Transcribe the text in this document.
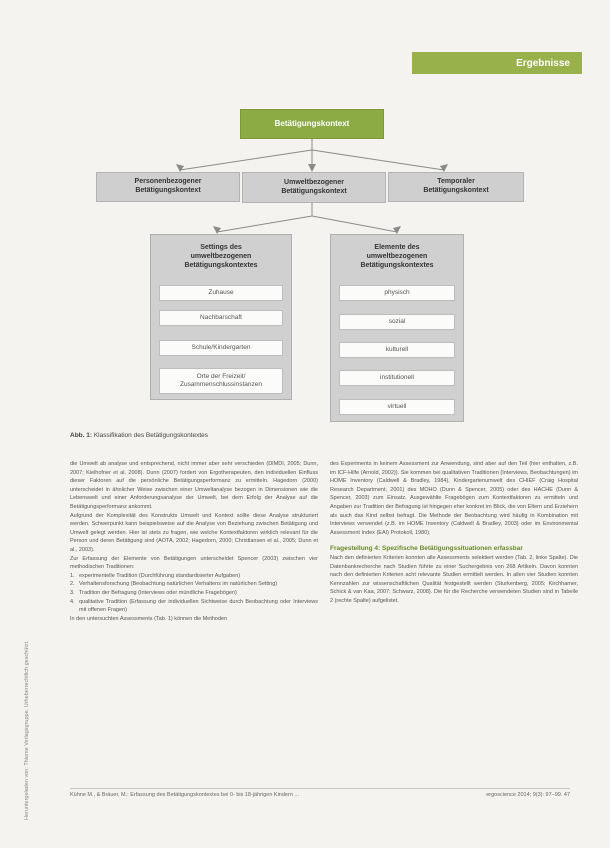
Ergebnisse
Heruntergeladen von: Thieme Verlagsgruppe. Urheberrechtlich geschützt.
Betätigungskontext
Personenbezogener
Betätigungskontext
Umweltbezogener
Betätigungskontext
Temporaler
Betätigungskontext
Settings des
umweltbezogenen
Betätigungskontextes
Zuhause
Nachbarschaft
Schule/Kindergarten
Orte der Freizeit/
Zusammenschlussinstanzen
Elemente des
umweltbezogenen
Betätigungskontextes
physisch
sozial
kulturell
institutionell
virtuell
Abb. 1: Klassifikation des Betätigungskontextes

die Umwelt ab analyse und entsprechend, nicht immer aber sehr verschieden (DIMDI, 2005; Dunn, 2007; Kielhofner et al. 2008). Dunn (2007) fordert von Ergotherapeuten, den individuellen Einfluss dieser Faktoren auf die persönliche Betätigungsperformanz zu ermitteln. Hagedorn (2000) unterscheidet in ähnlicher Weise zwischen einer Umweltanalyse bezogen in Dimensionen wie die Lebenswelt und einer Anforderungsanalyse der Umwelt, bei dem Erfolg der Analyse auf die Betätigungsperformanz ankommt.

Aufgrund der Komplexität des Konstrukts Umwelt und Kontext sollte diese Analyse strukturiert werden. Schwerpunkt kann beispielsweise auf die Analyse von Beziehung zwischen Betätigung und Umwelt gelegt werden. Hier ist stets zu fragen, wie welche Kontextfaktoren wirklich relevant für die Person und deren Betätigung sind (AOTA, 2002; Hagedorn, 2000; Christiansen et al., 2005; Dunn et al., 2003).

Zur Erfassung der Elemente von Betätigungen unterscheidet Spencer (2003) zwischen vier methodischen Traditionen:

1. experimentelle Tradition (Durchführung standardisierter Aufgaben)
2. Verhaltensforschung (Beobachtung natürlichen Verhaltens im natürlichen Setting)
3. Tradition der Befragung (Interviews oder mündliche Fragebögen)
4. qualitative Tradition (Erfassung der individuellen Sichtweise durch Beobachtung oder Interviews mit offenen Fragen)

In den untersuchten Assessments (Tab. 1) können die Methoden

des Experiments in keinem Assessment zur Anwendung, sind aber auf den Teil (hier enthalten, z.B. im ICF-Hilfe (Arnold, 2002)). Sie kommen bei qualitativen Traditionen (Interviews, Beobachtungen) im HOME Inventory (Caldwell & Bradley, 1984), Kindergartenumwelt des CHIEF (Craig Hospital Research Department, 2001) des MOHO (Dunn & Spencer, 2005) oder des HACHE (Dunn & Spencer, 2003) zum Einsatz. Ausgewählte Fragebögen zum Kontextfaktoren zu ermitteln und Angaben zur Tradition der Befragung ist hingegen eher konkret im Blick, die von Eltern und Erziehern als auch das Kind selbst befragt. Die Methode der Beobachtung wird häufig in Kombination mit Interviews verwendet (z.B. im HOME Inventory (Caldwell & Bradley, 2003) oder im Environmental Assessment Index (EAI) Protokoll, 1980).

Fragestellung 4: Spezifische Betätigungssituationen erfassbar

Nach den definierten Kriterien konnten alle Assessments selektiert werden (Tab. 2, linke Spalte). Die Datenbankrecherche nach Studien führte zu einer Suchergebnis von 268 Artikeln. Davon konnten nach den definierten Kriterien acht relevante Studien ermittelt werden. In allen vier Studien konnten Kennzahlen zur wissenschaftlichen Qualität festgestellt werden (Sturkenberg, 2005; Kirchhamer, Schick & van Kaa, 2007; Schwarz, 2008). Die für die Recherche verwendeten Studien sind in Tabelle 2 (rechte Spalte) aufgelistet.

Kühne M., & Bräuer, M.: Erfassung des Betätigungskontextes bei 0- bis 18-jährigen Kindern ...	ergoscience 2014; 9(3): 97–99. 47
